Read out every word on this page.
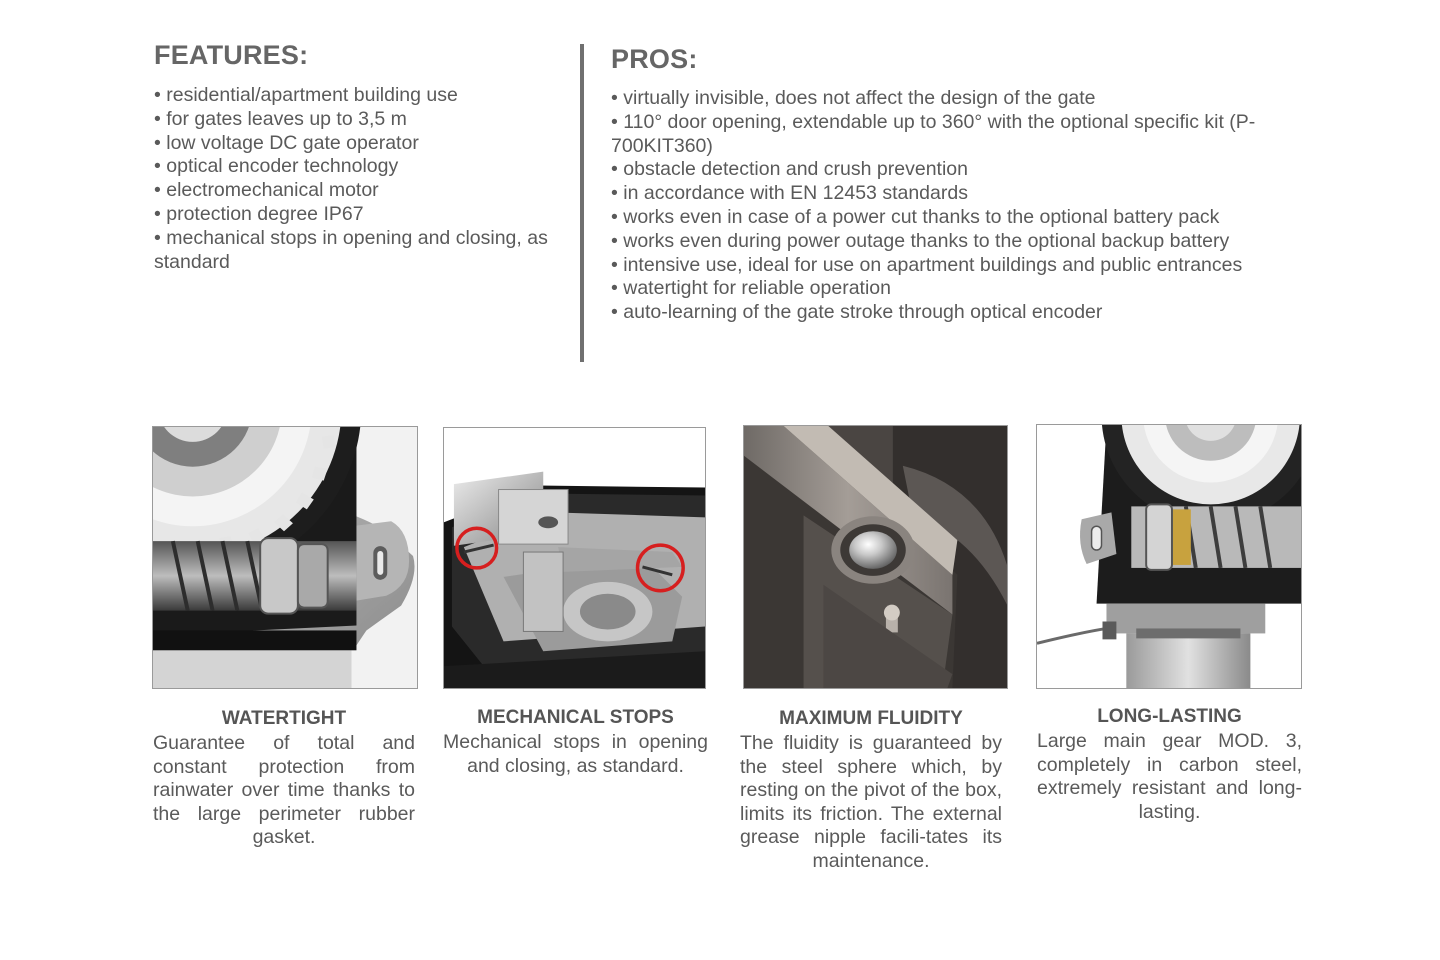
FEATURES:
• residential/apartment building use
• for gates leaves up to 3,5 m
• low voltage DC gate operator
• optical encoder technology
• electromechanical motor
• protection degree IP67
• mechanical stops in opening and closing, as standard
PROS:
• virtually invisible, does not affect the design of the gate
• 110° door opening, extendable up to 360° with the optional specific kit (P-700KIT360)
• obstacle detection and crush prevention
• in accordance with EN 12453 standards
• works even in case of a power cut thanks to the optional battery pack
• works even during power outage thanks to the optional backup battery
• intensive use, ideal for use on apartment buildings and public entrances
• watertight for reliable operation
• auto-learning of the gate stroke through optical encoder
WATERTIGHT

Guarantee of total and constant protection from rainwater over time thanks to the large perimeter rubber gasket.

MECHANICAL STOPS

Mechanical stops in opening and closing, as standard.

MAXIMUM FLUIDITY

The fluidity is guaranteed by the steel sphere which, by resting on the pivot of the box, limits its friction. The external grease nipple facili-tates its maintenance.

LONG-LASTING

Large main gear MOD. 3, completely in carbon steel, extremely resistant and long-lasting.
